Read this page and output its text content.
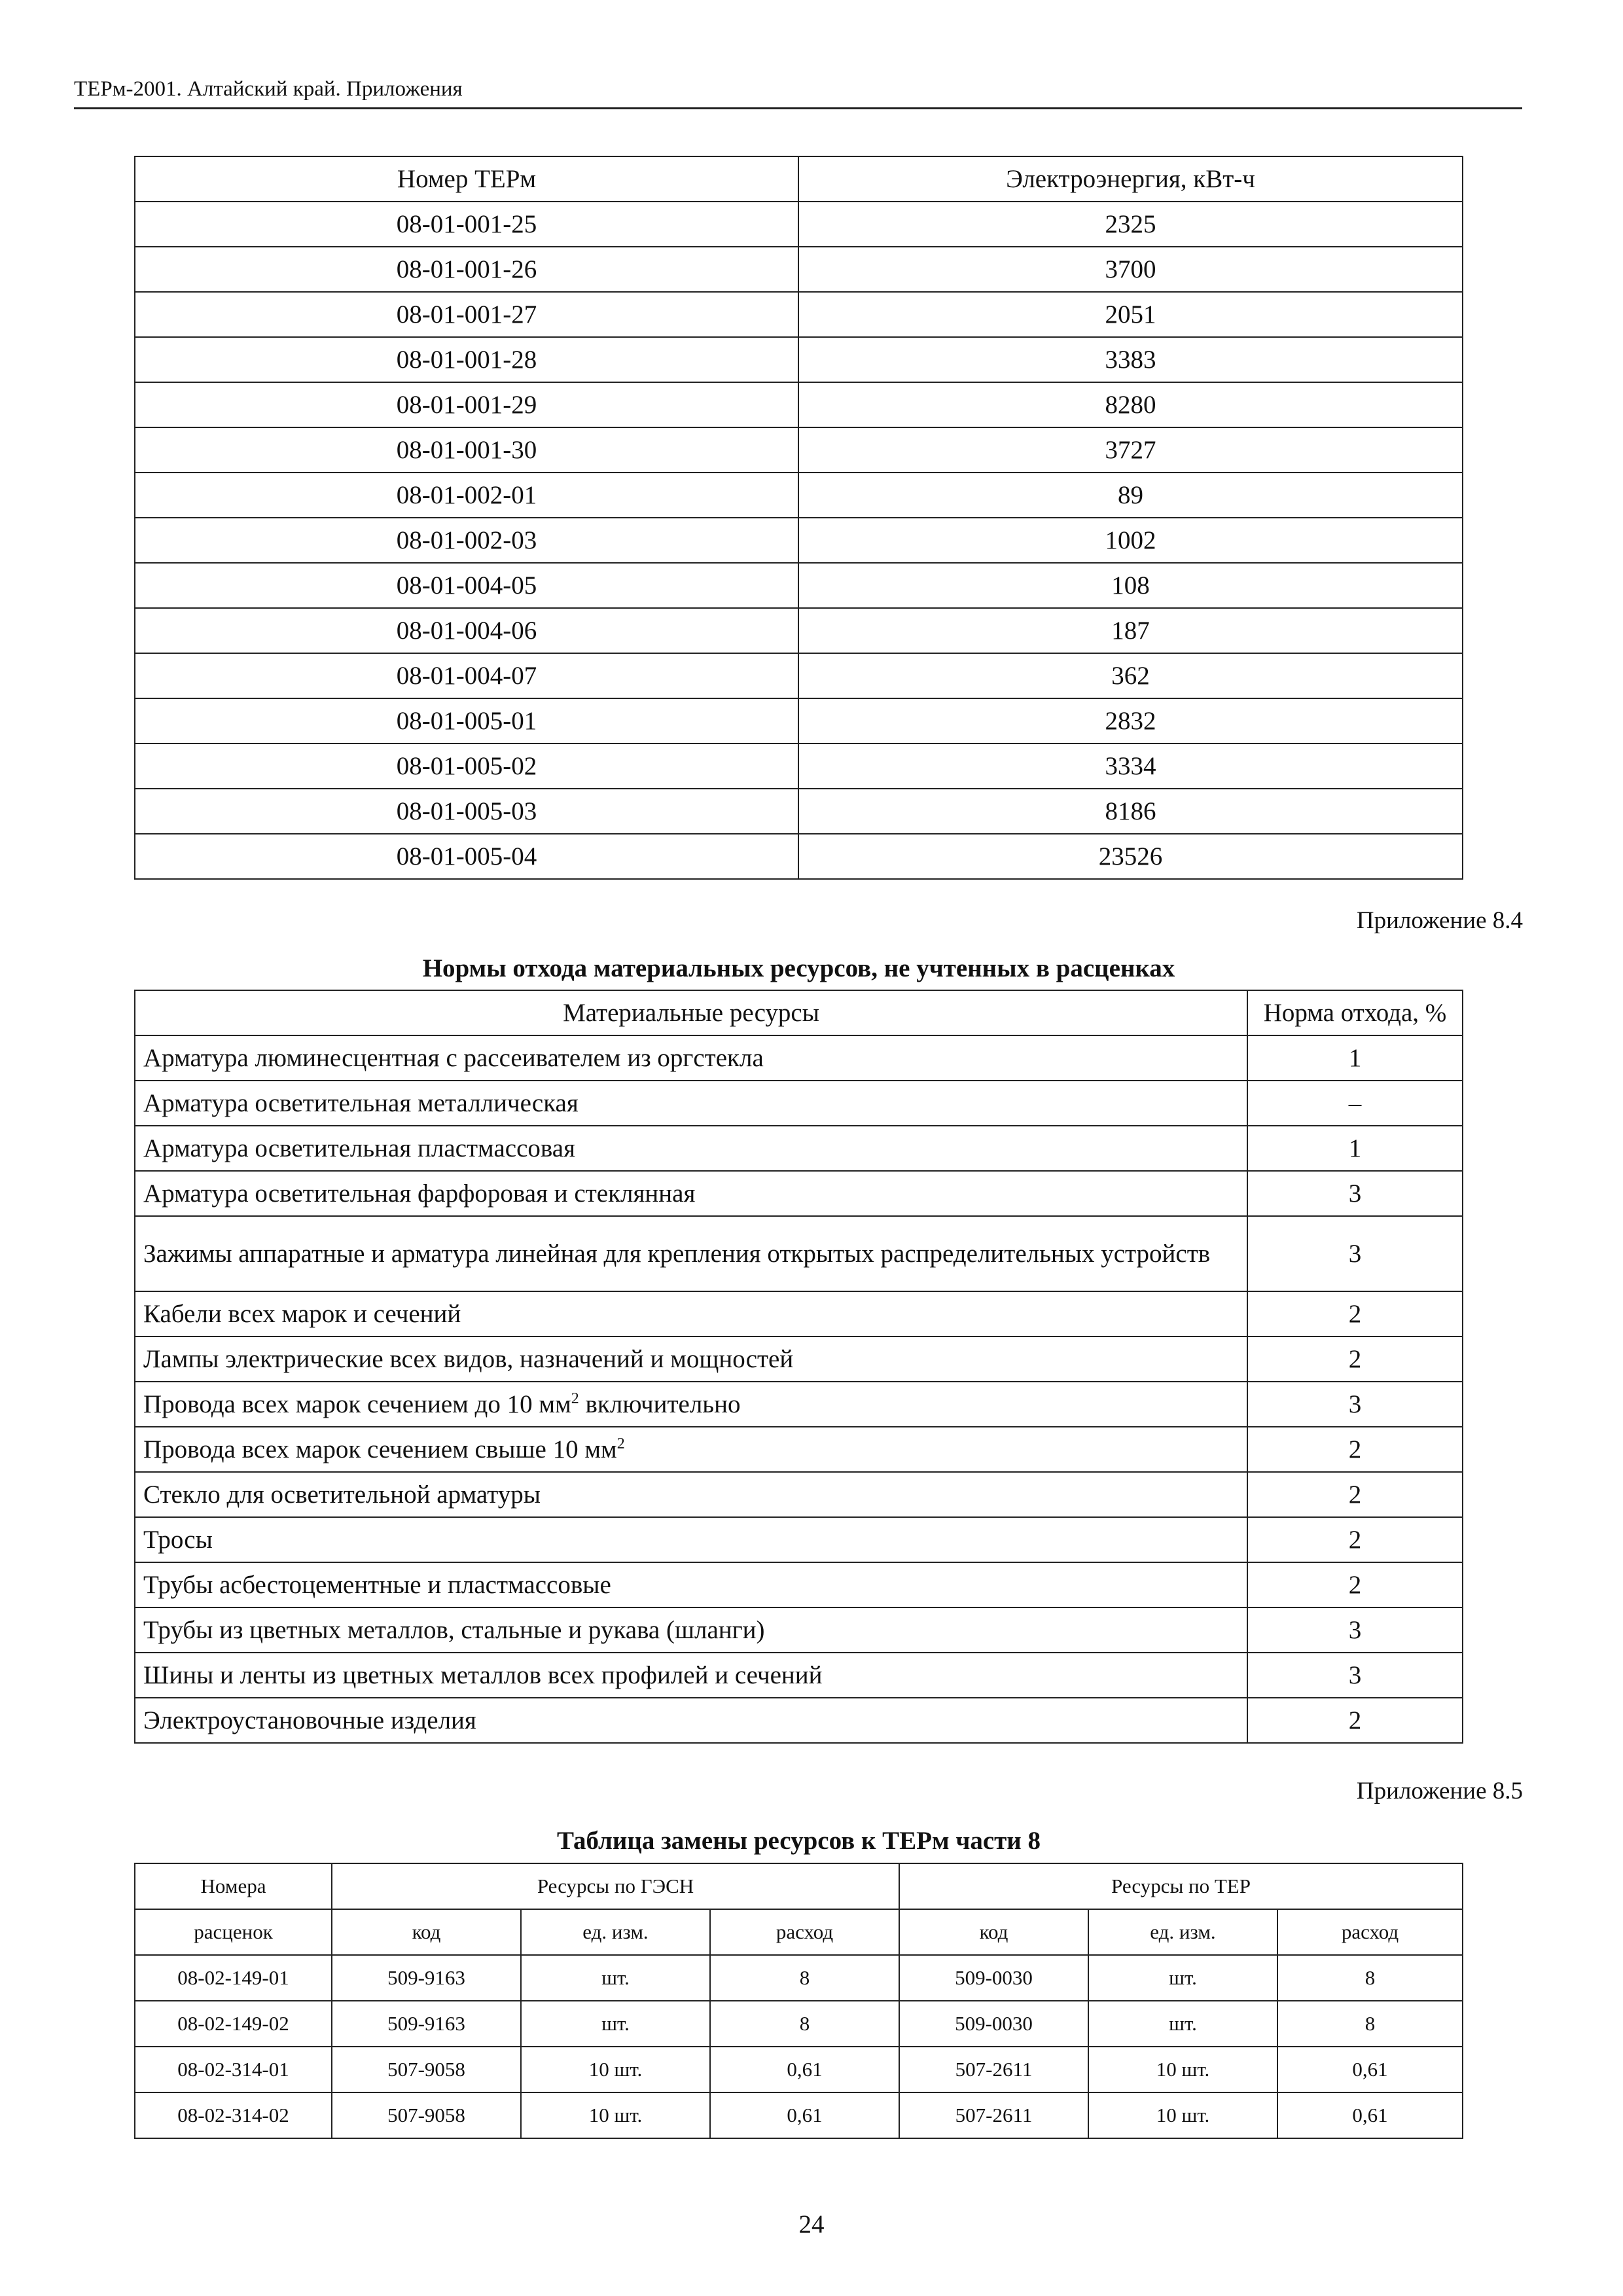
ТЕРм-2001. Алтайский край. Приложения
Номер ТЕРм	Электроэнергия, кВт-ч
08-01-001-25	2325
08-01-001-26	3700
08-01-001-27	2051
08-01-001-28	3383
08-01-001-29	8280
08-01-001-30	3727
08-01-002-01	89
08-01-002-03	1002
08-01-004-05	108
08-01-004-06	187
08-01-004-07	362
08-01-005-01	2832
08-01-005-02	3334
08-01-005-03	8186
08-01-005-04	23526
Приложение 8.4
Нормы отхода материальных ресурсов, не учтенных в расценках
Материальные ресурсы	Норма отхода, %
Арматура люминесцентная с рассеивателем из оргстекла	1
Арматура осветительная металлическая	–
Арматура осветительная пластмассовая	1
Арматура осветительная фарфоровая и стеклянная	3
Зажимы аппаратные и арматура линейная для крепления открытых распределительных устройств	3
Кабели всех марок и сечений	2
Лампы электрические всех видов, назначений и мощностей	2
Провода всех марок сечением до 10 $мм^2$ включительно	3
Провода всех марок сечением свыше 10 $мм^2$	2
Стекло для осветительной арматуры	2
Тросы	2
Трубы асбестоцементные и пластмассовые	2
Трубы из цветных металлов, стальные и рукава (шланги)	3
Шины и ленты из цветных металлов всех профилей и сечений	3
Электроустановочные изделия	2
Приложение 8.5
Таблица замены ресурсов к ТЕРм части 8
Номера	Ресурсы по ГЭСН			Ресурсы по ТЕР		
расценок	код	ед. изм.	расход	код	ед. изм.	расход
08-02-149-01	509-9163	шт.	8	509-0030	шт.	8
08-02-149-02	509-9163	шт.	8	509-0030	шт.	8
08-02-314-01	507-9058	10 шт.	0,61	507-2611	10 шт.	0,61
08-02-314-02	507-9058	10 шт.	0,61	507-2611	10 шт.	0,61
24
